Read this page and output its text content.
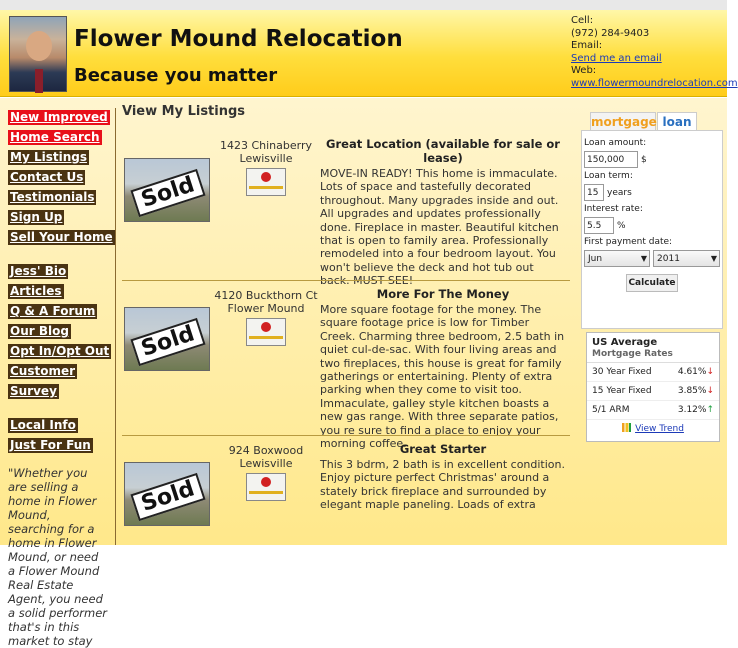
Flower Mound Relocation
Because you matter
Cell:
(972) 284-9403
Email:
Send me an email
Web:
www.flowermoundrelocation.com
New Improved
Home Search
My Listings
Contact Us
Testimonials
Sign Up
Sell Your Home

Jess' Bio
Articles
Q & A Forum
Our Blog
Opt In/Opt Out
Customer
Survey

Local Info
Just For Fun
"Whether you are selling a home in Flower Mound, searching for a home in Flower Mound, or need a Flower Mound Real Estate Agent, you need a solid performer that's in this market to stay
View My Listings
Sold
1423 Chinaberry
Lewisville
Great Location (available for sale or lease)
MOVE-IN READY! This home is immaculate. Lots of space and tastefully decorated throughout. Many upgrades inside and out. All upgrades and updates professionally done. Fireplace in master. Beautiful kitchen that is open to family area. Professionally remodeled into a four bedroom layout. You won't believe the deck and hot tub out back. MUST SEE!
Sold
4120 Buckthorn Ct
Flower Mound
More For The Money
More square footage for the money. The square footage price is low for Timber Creek. Charming three bedroom, 2.5 bath in quiet cul-de-sac. With four living areas and two fireplaces, this house is great for family gatherings or entertaining. Plenty of extra parking when they come to visit too. Immaculate, galley style kitchen boasts a new gas range. With three separate patios, you re sure to find a place to enjoy your morning coffee.
Sold
924 Boxwood
Lewisville
Great Starter
This 3 bdrm, 2 bath is in excellent condition. Enjoy picture perfect Christmas' around a stately brick fireplace and surrounded by elegant maple paneling. Loads of extra
mortgage loan
Loan amount:
150,000	$
Loan term:
15 years
Interest rate:
5.5	%
First payment date:
Jun	▼	2011	▼
Calculate
US Average
Mortgage Rates
30 Year Fixed	4.61% ↓
15 Year Fixed	3.85% ↓
5/1 ARM	3.12% ↑
View Trend
